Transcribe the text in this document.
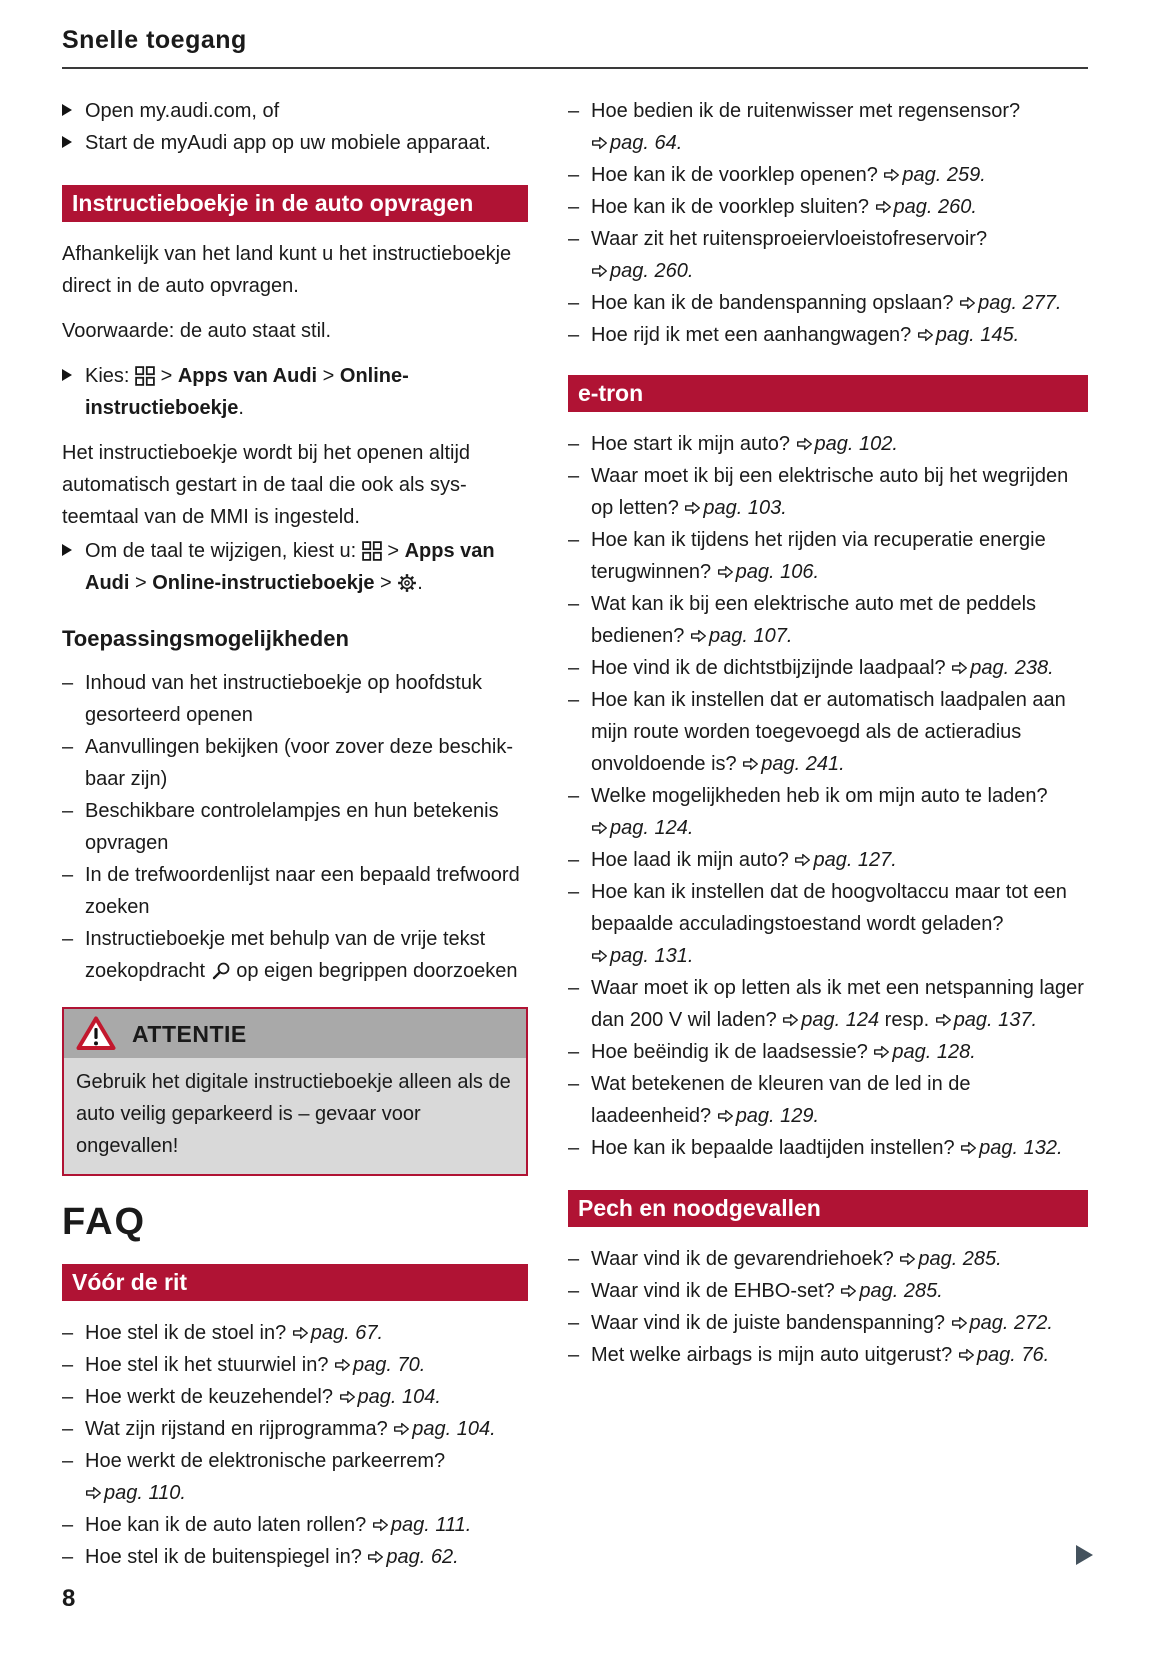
Snelle toegang
Open my.audi.com, of
Start de myAudi app op uw mobiele apparaat.
Instructieboekje in de auto opvragen

Afhankelijk van het land kunt u het instructieboekje direct in de auto opvragen.

Voorwaarde: de auto staat stil.

Kies:  > Apps van Audi > Online-instructieboekje.

Het instructieboekje wordt bij het openen altijd automatisch gestart in de taal die ook als systeemtaal van de MMI is ingesteld.

Om de taal te wijzigen, kiest u:  > Apps van Audi > Online-instructieboekje > .
Toepassingsmogelijkheden
– Inhoud van het instructieboekje op hoofdstuk gesorteerd openen
– Aanvullingen bekijken (voor zover deze beschikbaar zijn)
– Beschikbare controlelampjes en hun betekenis opvragen
– In de trefwoordenlijst naar een bepaald trefwoord zoeken
– Instructieboekje met behulp van de vrije tekst zoekopdracht  op eigen begrippen doorzoeken
ATTENTIE
Gebruik het digitale instructieboekje alleen als de auto veilig geparkeerd is – gevaar voor ongevallen!
FAQ
Vóór de rit
– Hoe stel ik de stoel in? pag. 67.
– Hoe stel ik het stuurwiel in? pag. 70.
– Hoe werkt de keuzehendel? pag. 104.
– Wat zijn rijstand en rijprogramma? pag. 104.
– Hoe werkt de elektronische parkeerrem? pag. 110.
– Hoe kan ik de auto laten rollen? pag. 111.
– Hoe stel ik de buitenspiegel in? pag. 62.
– Hoe bedien ik de ruitenwisser met regensensor? pag. 64.
– Hoe kan ik de voorklep openen? pag. 259.
– Hoe kan ik de voorklep sluiten? pag. 260.
– Waar zit het ruitensproeiervloeistofreservoir? pag. 260.
– Hoe kan ik de bandenspanning opslaan? pag. 277.
– Hoe rijd ik met een aanhangwagen? pag. 145.
e-tron
– Hoe start ik mijn auto? pag. 102.
– Waar moet ik bij een elektrische auto bij het wegrijden op letten? pag. 103.
– Hoe kan ik tijdens het rijden via recuperatie energie terugwinnen? pag. 106.
– Wat kan ik bij een elektrische auto met de peddels bedienen? pag. 107.
– Hoe vind ik de dichtstbijzijnde laadpaal? pag. 238.
– Hoe kan ik instellen dat er automatisch laadpalen aan mijn route worden toegevoegd als de actieradius onvoldoende is? pag. 241.
– Welke mogelijkheden heb ik om mijn auto te laden? pag. 124.
– Hoe laad ik mijn auto? pag. 127.
– Hoe kan ik instellen dat de hoogvoltaccu maar tot een bepaalde acculadingstoestand wordt geladen? pag. 131.
– Waar moet ik op letten als ik met een netspanning lager dan 200 V wil laden? pag. 124 resp. pag. 137.
– Hoe beëindig ik de laadsessie? pag. 128.
– Wat betekenen de kleuren van de led in de laadeenheid? pag. 129.
– Hoe kan ik bepaalde laadtijden instellen? pag. 132.
Pech en noodgevallen
– Waar vind ik de gevarendriehoek? pag. 285.
– Waar vind ik de EHBO-set? pag. 285.
– Waar vind ik de juiste bandenspanning? pag. 272.
– Met welke airbags is mijn auto uitgerust? pag. 76.
8
